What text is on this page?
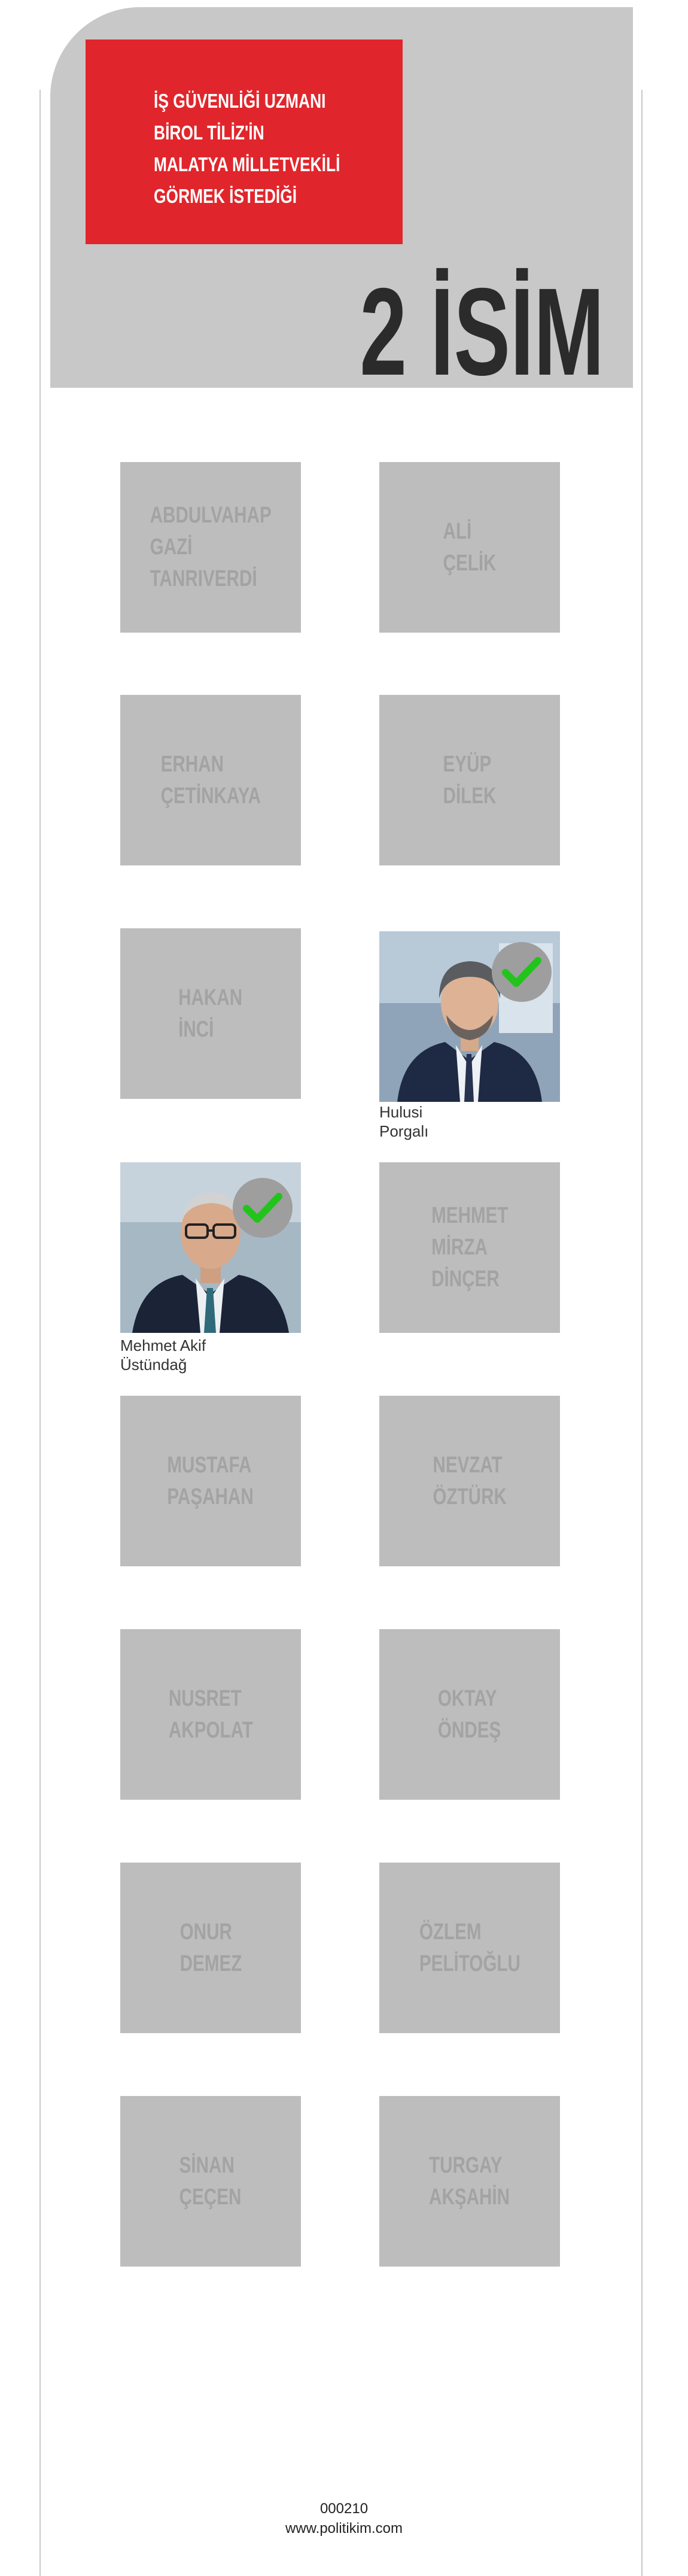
İŞ GÜVENLİĞİ UZMANI
BİROL TİLİZ'İN
MALATYA MİLLETVEKİLİ
GÖRMEK İSTEDİĞİ
2 İSİM
ABDULVAHAP
GAZİ
TANRIVERDİ
ALİ
ÇELİK
ERHAN
ÇETİNKAYA
EYÜP
DİLEK
HAKAN
İNCİ
Hulusi
Porgalı
Mehmet Akif
Üstündağ
MEHMET
MİRZA
DİNÇER
MUSTAFA
PAŞAHAN
NEVZAT
ÖZTÜRK
NUSRET
AKPOLAT
OKTAY
ÖNDEŞ
ONUR
DEMEZ
ÖZLEM
PELİTOĞLU
SİNAN
ÇEÇEN
TURGAY
AKŞAHİN
000210
www.politikim.com
